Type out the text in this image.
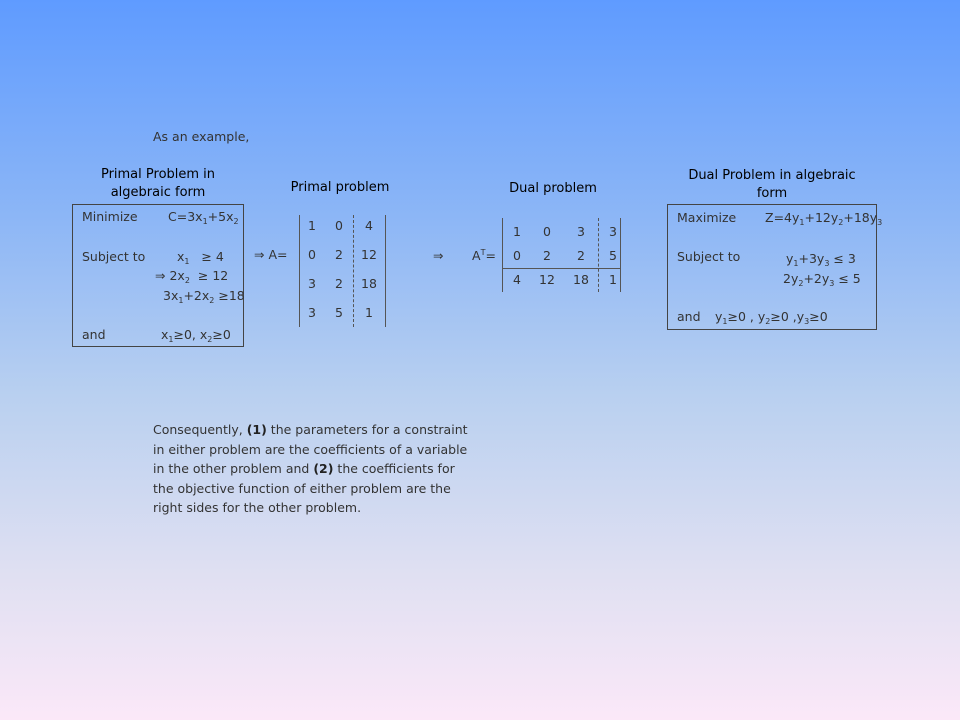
As an example,
Primal Problem in
algebraic form
Minimize $C=3x_1+5x_2$
Subject to	$x_1 \ge 4$
⇒ $2x_2 \ge 12$
$3x_1+2x_2 \ge 18$
and	$x_1\ge 0$, $x_2\ge 0$
Primal problem
⇒ A=
1	0	4
0	2	12
3	2	18
3	5	1
Dual problem
⇒ $A^T=$
1	0	3	3
0	2	2	5
4	12	18	1
Dual Problem in algebraic
form
Maximize $Z=4y_1+12y_2+18y_3$
Subject to	$y_1+3y_3 \le 3$
$2y_2+2y_3 \le 5$
and $y_1\ge 0$ , $y_2\ge 0$ $,y_3\ge 0$
Consequently, (1) the parameters for a constraint
in either problem are the coefficients of a variable
in the other problem and (2) the coefficients for
the objective function of either problem are the
right sides for the other problem.
